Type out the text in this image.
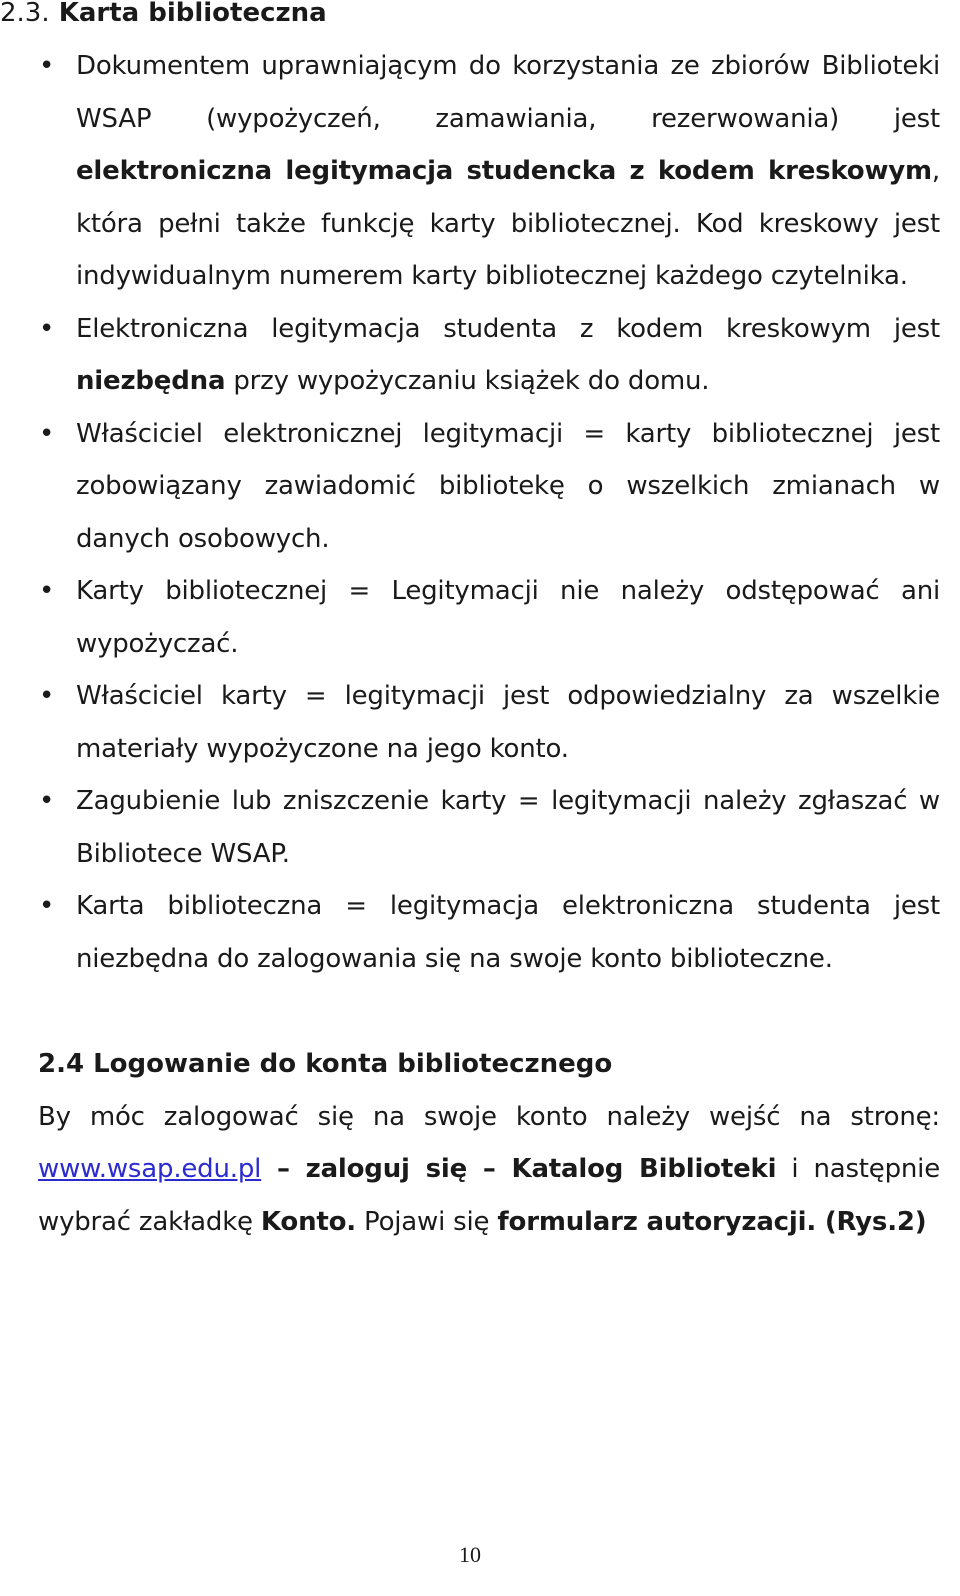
2.3. Karta biblioteczna
• Dokumentem uprawniającym do korzystania ze zbiorów Biblioteki WSAP (wypożyczeń, zamawiania, rezerwowania) jest elektroniczna legitymacja studencka z kodem kreskowym, która pełni także funkcję karty bibliotecznej. Kod kreskowy jest indywidualnym numerem karty bibliotecznej każdego czytelnika.
• Elektroniczna legitymacja studenta z kodem kreskowym jest niezbędna przy wypożyczaniu książek do domu.
• Właściciel elektronicznej legitymacji = karty bibliotecznej jest zobowiązany zawiadomić bibliotekę o wszelkich zmianach w danych osobowych.
• Karty bibliotecznej = Legitymacji nie należy odstępować ani wypożyczać.
• Właściciel karty = legitymacji jest odpowiedzialny za wszelkie materiały wypożyczone na jego konto.
• Zagubienie lub zniszczenie karty = legitymacji należy zgłaszać w Bibliotece WSAP.
• Karta biblioteczna = legitymacja elektroniczna studenta jest niezbędna do zalogowania się na swoje konto biblioteczne.
2.4 Logowanie do konta bibliotecznego

By móc zalogować się na swoje konto należy wejść na stronę: www.wsap.edu.pl – zaloguj się – Katalog Biblioteki i następnie wybrać zakładkę Konto. Pojawi się formularz autoryzacji. (Rys.2)

10
